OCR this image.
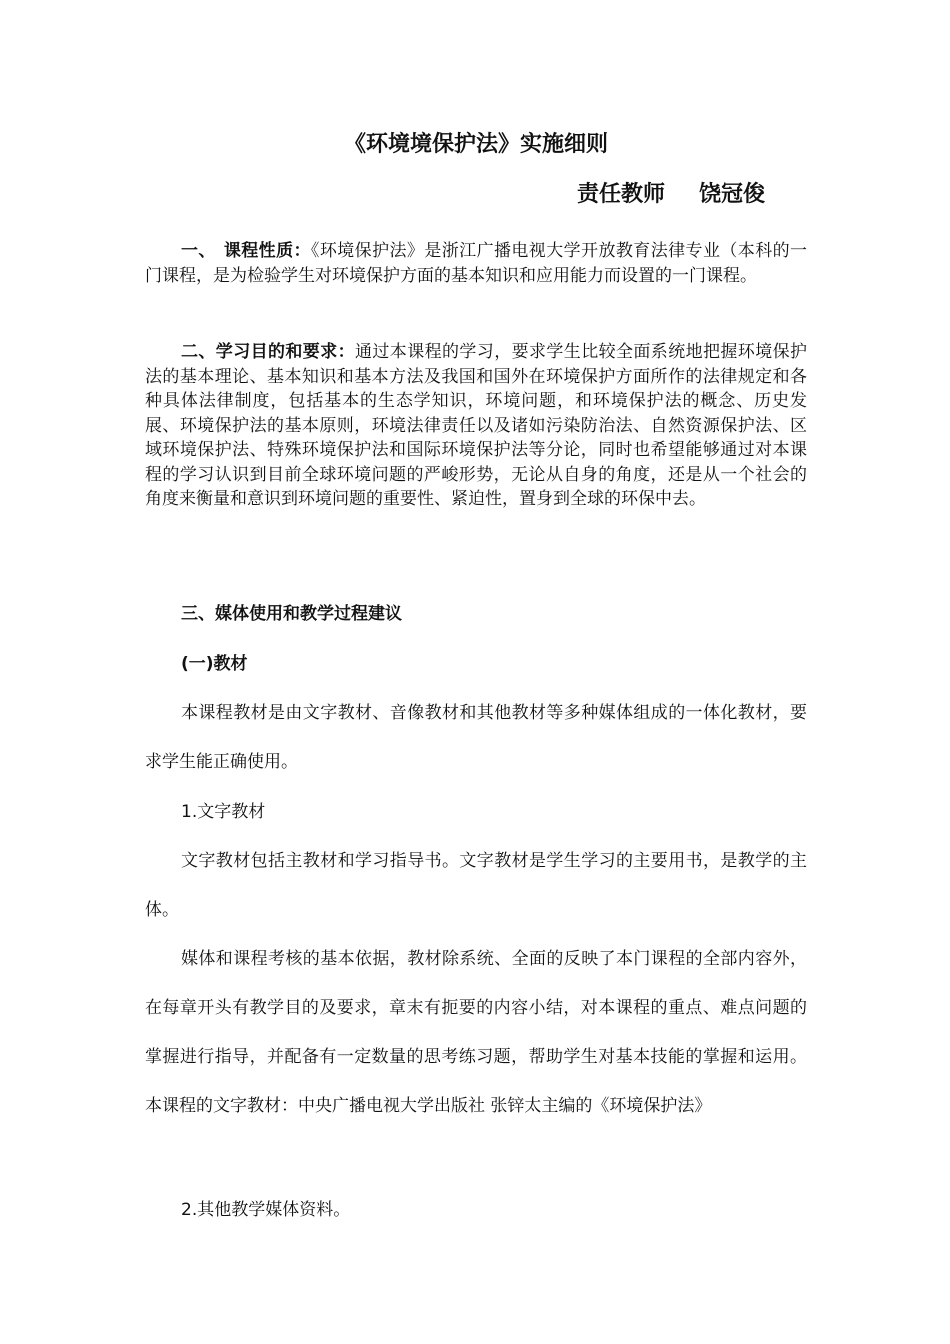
《环境境保护法》实施细则
责任教师 饶冠俊

一、 课程性质：《环境保护法》是浙江广播电视大学开放教育法律专业（本科的一门课程，是为检验学生对环境保护方面的基本知识和应用能力而设置的一门课程。

二、学习目的和要求：通过本课程的学习，要求学生比较全面系统地把握环境保护法的基本理论、基本知识和基本方法及我国和国外在环境保护方面所作的法律规定和各种具体法律制度，包括基本的生态学知识，环境问题，和环境保护法的概念、历史发展、环境保护法的基本原则，环境法律责任以及诸如污染防治法、自然资源保护法、区域环境保护法、特殊环境保护法和国际环境保护法等分论，同时也希望能够通过对本课程的学习认识到目前全球环境问题的严峻形势，无论从自身的角度，还是从一个社会的角度来衡量和意识到环境问题的重要性、紧迫性，置身到全球的环保中去。

三、媒体使用和教学过程建议

(一)教材

本课程教材是由文字教材、音像教材和其他教材等多种媒体组成的一体化教材，要求学生能正确使用。

1.文字教材

文字教材包括主教材和学习指导书。文字教材是学生学习的主要用书，是教学的主体。

媒体和课程考核的基本依据，教材除系统、全面的反映了本门课程的全部内容外，在每章开头有教学目的及要求，章末有扼要的内容小结，对本课程的重点、难点问题的掌握进行指导，并配备有一定数量的思考练习题，帮助学生对基本技能的掌握和运用。本课程的文字教材：中央广播电视大学出版社 张锌太主编的《环境保护法》

2.其他教学媒体资料。
